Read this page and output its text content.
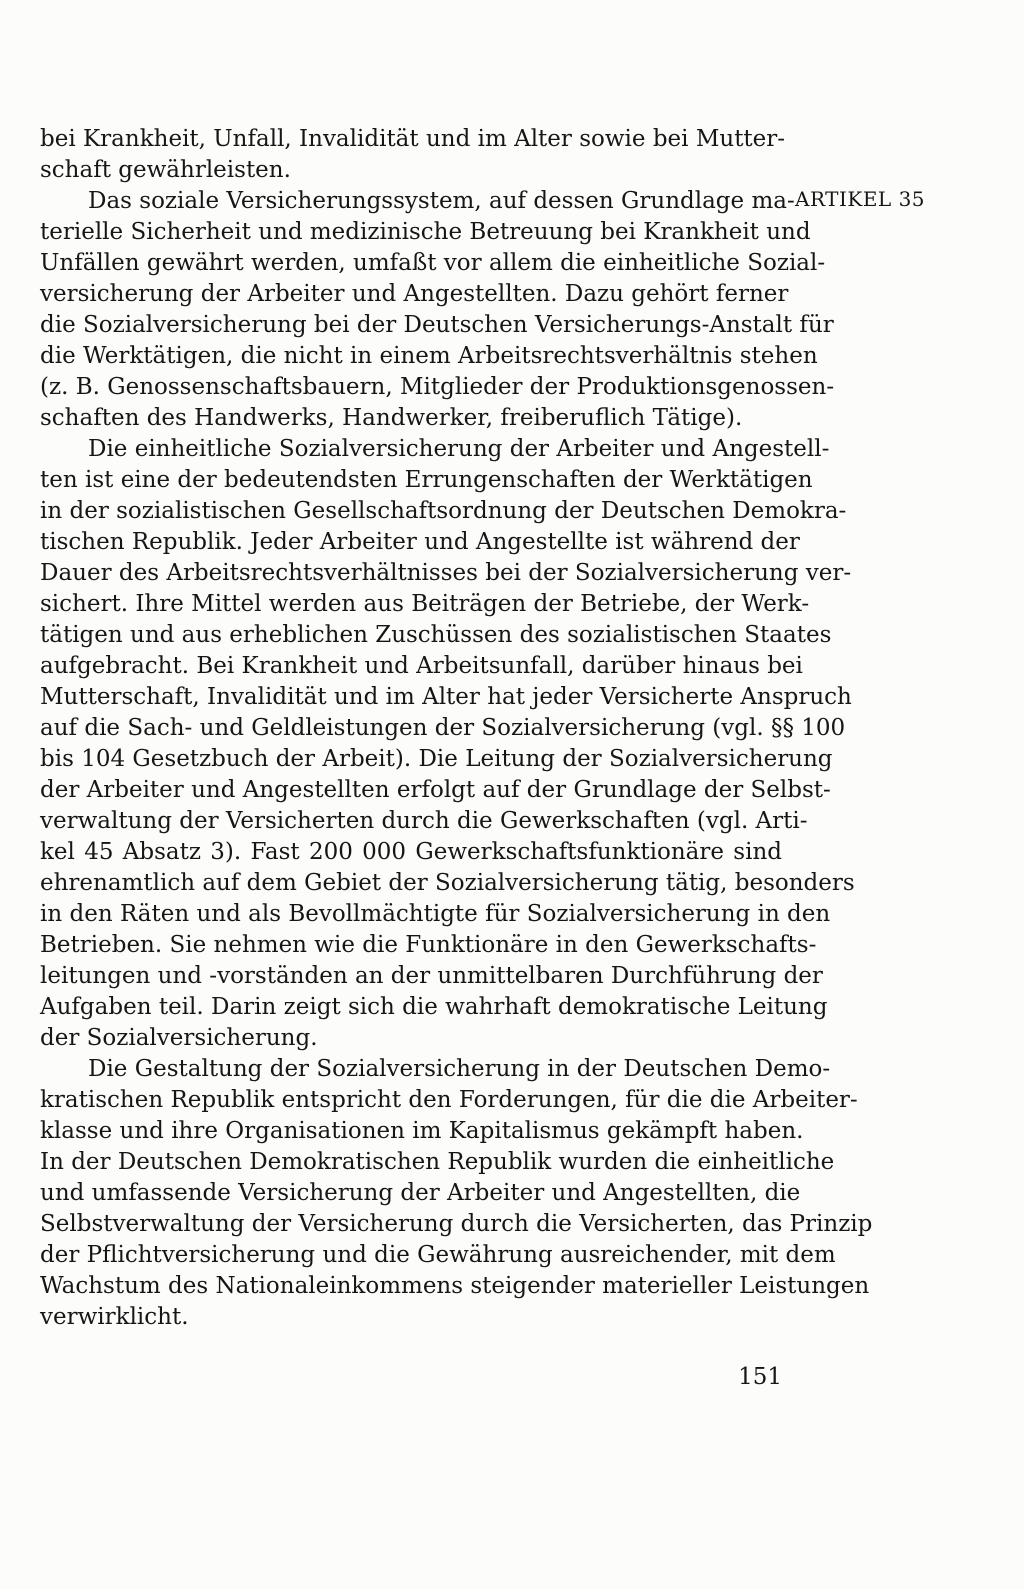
bei Krankheit, Unfall, Invalidität und im Alter sowie bei Mutter-
schaft gewährleisten.

Das soziale Versicherungssystem, auf dessen Grundlage ma-
terielle Sicherheit und medizinische Betreuung bei Krankheit und
Unfällen gewährt werden, umfaßt vor allem die einheitliche Sozial-
versicherung der Arbeiter und Angestellten. Dazu gehört ferner
die Sozialversicherung bei der Deutschen Versicherungs-Anstalt für
die Werktätigen, die nicht in einem Arbeitsrechtsverhältnis stehen
(z. B. Genossenschaftsbauern, Mitglieder der Produktionsgenossen-
schaften des Handwerks, Handwerker, freiberuflich Tätige).

Die einheitliche Sozialversicherung der Arbeiter und Angestell-
ten ist eine der bedeutendsten Errungenschaften der Werktätigen
in der sozialistischen Gesellschaftsordnung der Deutschen Demokra-
tischen Republik. Jeder Arbeiter und Angestellte ist während der
Dauer des Arbeitsrechtsverhältnisses bei der Sozialversicherung ver-
sichert. Ihre Mittel werden aus Beiträgen der Betriebe, der Werk-
tätigen und aus erheblichen Zuschüssen des sozialistischen Staates
aufgebracht. Bei Krankheit und Arbeitsunfall, darüber hinaus bei
Mutterschaft, Invalidität und im Alter hat jeder Versicherte Anspruch
auf die Sach- und Geldleistungen der Sozialversicherung (vgl. §§ 100
bis 104 Gesetzbuch der Arbeit). Die Leitung der Sozialversicherung
der Arbeiter und Angestellten erfolgt auf der Grundlage der Selbst-
verwaltung der Versicherten durch die Gewerkschaften (vgl. Arti-
kel 45 Absatz 3). Fast 200 000 Gewerkschaftsfunktionäre sind
ehrenamtlich auf dem Gebiet der Sozialversicherung tätig, besonders
in den Räten und als Bevollmächtigte für Sozialversicherung in den
Betrieben. Sie nehmen wie die Funktionäre in den Gewerkschafts-
leitungen und -vorständen an der unmittelbaren Durchführung der
Aufgaben teil. Darin zeigt sich die wahrhaft demokratische Leitung
der Sozialversicherung.

Die Gestaltung der Sozialversicherung in der Deutschen Demo-
kratischen Republik entspricht den Forderungen, für die die Arbeiter-
klasse und ihre Organisationen im Kapitalismus gekämpft haben.
In der Deutschen Demokratischen Republik wurden die einheitliche
und umfassende Versicherung der Arbeiter und Angestellten, die
Selbstverwaltung der Versicherung durch die Versicherten, das Prinzip
der Pflichtversicherung und die Gewährung ausreichender, mit dem
Wachstum des Nationaleinkommens steigender materieller Leistungen
verwirklicht.

ARTIKEL 35
151
